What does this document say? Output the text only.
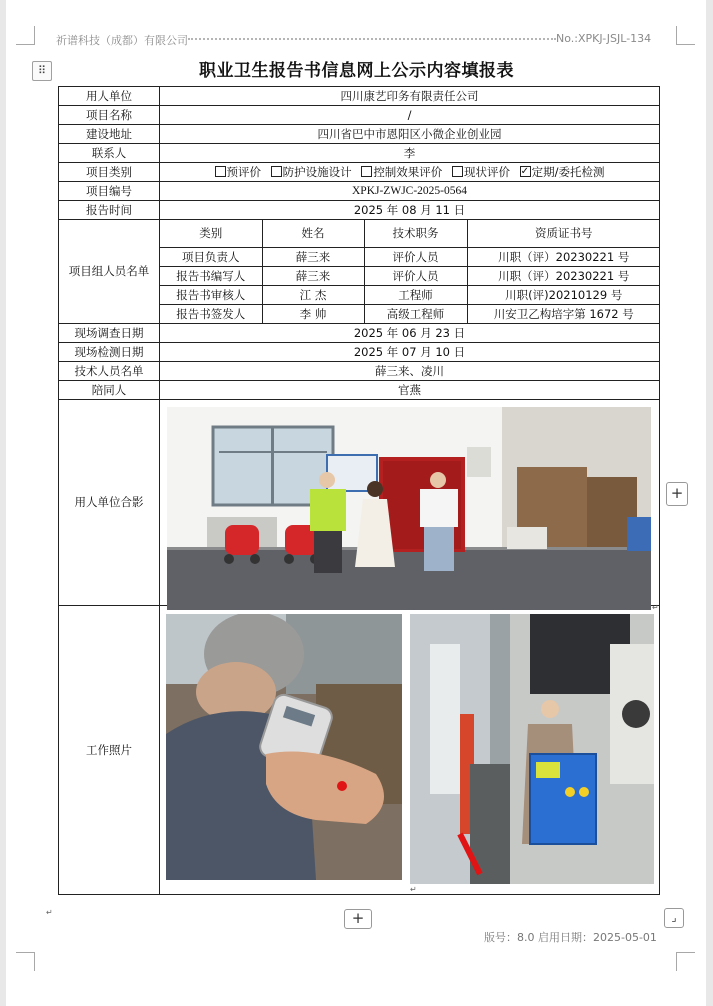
祈谱科技（成都）有限公司	No.:XPKJ-JSJL-134
⠿	职业卫生报告书信息网上公示内容填报表
用人单位	四川康艺印务有限责任公司
项目名称	/
建设地址	四川省巴中市恩阳区小微企业创业园
联系人	李
项目类别	预评价 防护设施设计 控制效果评价 现状评价 ✓ 定期/委托检测
项目编号	XPKJ-ZWJC-2025-0564
报告时间	2025 年 08 月 11 日
项目组人员名单	
类别	姓名	技术职务	资质证书号
项目负责人	薛三来	评价人员	川职（评）20230221 号
报告书编写人	薛三来	评价人员	川职（评）20230221 号
报告书审核人	江 杰	工程师	川职(评)20210129 号
报告书签发人	李 帅	高级工程师	川安卫乙构培字第 1672 号

现场调查日期	2025 年 06 月 23 日
现场检测日期	2025 年 07 月 10 日
技术人员名单	薛三来、凌川
陪同人	官燕
用人单位合影	
工作照片	
+
+	⌟
版号：8.0 启用日期：2025-05-01
↵
↵
↵
